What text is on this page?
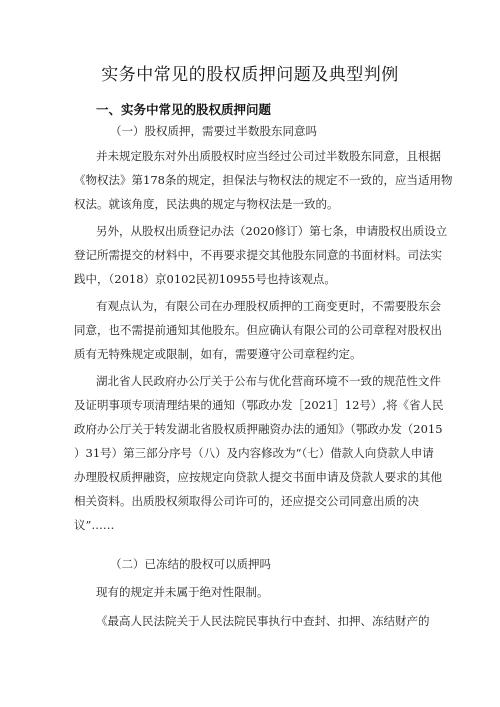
实务中常见的股权质押问题及典型判例
一、实务中常见的股权质押问题
（一）股权质押，需要过半数股东同意吗
并未规定股东对外出质股权时应当经过公司过半数股东同意，且根据
《物权法》第178条的规定，担保法与物权法的规定不一致的，应当适用物
权法。就该角度，民法典的规定与物权法是一致的。
另外，从股权出质登记办法（2020修订）第七条，申请股权出质设立
登记所需提交的材料中，不再要求提交其他股东同意的书面材料。司法实
践中，（2018）京0102民初10955号也持该观点。
有观点认为，有限公司在办理股权质押的工商变更时，不需要股东会
同意，也不需提前通知其他股东。但应确认有限公司的公司章程对股权出
质有无特殊规定或限制，如有，需要遵守公司章程约定。
湖北省人民政府办公厅关于公布与优化营商环境不一致的规范性文件
及证明事项专项清理结果的通知（鄂政办发［2021］12号）,将《省人民
政府办公厅关于转发湖北省股权质押融资办法的通知》（鄂政办发（2015
）31号）第三部分序号（八）及内容修改为“（七）借款人向贷款人申请
办理股权质押融资，应按规定向贷款人提交书面申请及贷款人要求的其他
相关资料。出质股权须取得公司许可的，还应提交公司同意出质的决
议”……
（二）已冻结的股权可以质押吗
现有的规定并未属于绝对性限制。
《最高人民法院关于人民法院民事执行中查封、扣押、冻结财产的
